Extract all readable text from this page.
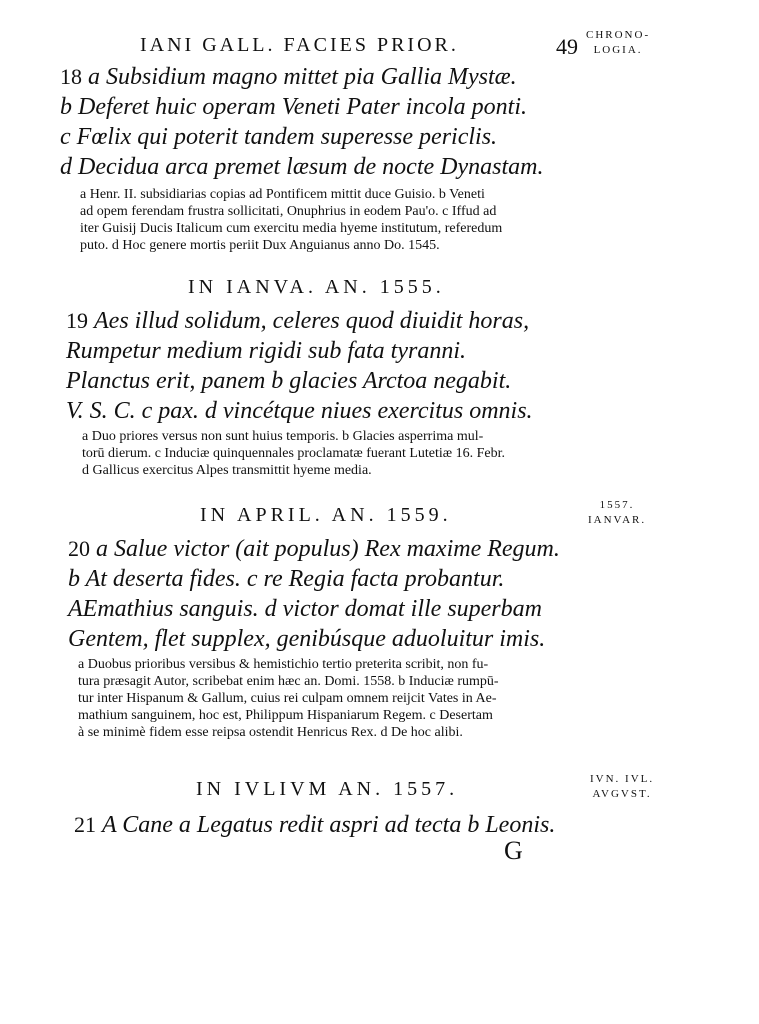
IANI GALL. FACIES PRIOR.	49 CHRONO-
LOGIA.
18 a Subsidium magno mittet pia Gallia Mystæ.
b Deferet huic operam Veneti Pater incola ponti.
c Fœlix qui poterit tandem superesse periclis.
d Decidua arca premet læsum de nocte Dynastam.
a Henr. II. subsidiarias copias ad Pontificem mittit duce Guisio. b Veneti
ad opem ferendam frustra sollicitati, Onuphrius in eodem Pau'o. c Iffud ad
iter Guisij Ducis Italicum cum exercitu media hyeme institutum, referedum
puto. d Hoc genere mortis periit Dux Anguianus anno Do. 1545.
IN IANVA. AN. 1555.
19 Aes illud solidum, celeres quod diuidit horas,
Rumpetur medium rigidi sub fata tyranni.
Planctus erit, panem b glacies Arctoa negabit.
V. S. C. c pax. d vincétque niues exercitus omnis.
a Duo priores versus non sunt huius temporis. b Glacies asperrima mul-
torū dierum. c Induciæ quinquennales proclamatæ fuerant Lutetiæ 16. Febr.
d Gallicus exercitus Alpes transmittit hyeme media.
IN APRIL. AN. 1559.	1557.
IANVAR.
20 a Salue victor (ait populus) Rex maxime Regum.
b At deserta fides. c re Regia facta probantur.
AEmathius sanguis. d victor domat ille superbam
Gentem, flet supplex, genibúsque aduoluitur imis.
a Duobus prioribus versibus & hemistichio tertio preterita scribit, non fu-
tura præsagit Autor, scribebat enim hæc an. Domi. 1558. b Induciæ rumpū-
tur inter Hispanum & Gallum, cuius rei culpam omnem reijcit Vates in Ae-
mathium sanguinem, hoc est, Philippum Hispaniarum Regem. c Desertam
à se minimè fidem esse reipsa ostendit Henricus Rex. d De hoc alibi.
IN IVLIVM AN. 1557.	IVN. IVL.
AVGVST.
21 A Cane a Legatus redit aspri ad tecta b Leonis.
G
